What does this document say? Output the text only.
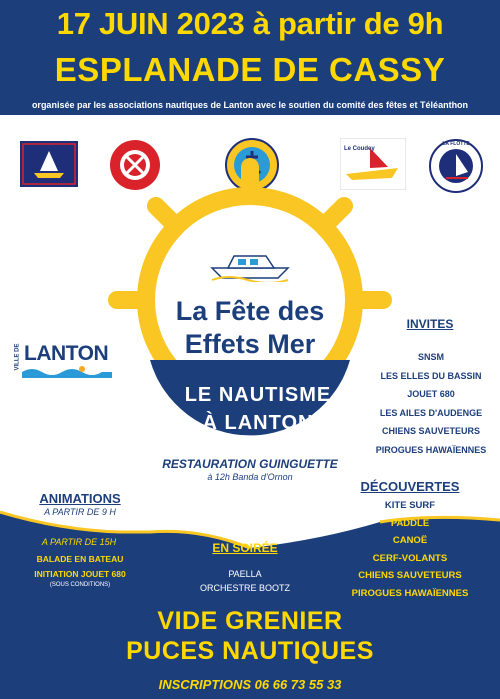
17 JUIN 2023 à partir de 9h
ESPLANADE DE CASSY
organisée par les associations nautiques de Lanton avec le soutien du comité des fêtes et Téléanthon
Le Coudey
LA FLOTTE
VILLE DE LANTON
La Fête des
Effets Mer
LE NAUTISME
À LANTON
INVITES
SNSM
LES ELLES DU BASSIN
JOUET 680
LES AILES D'AUDENGE
CHIENS SAUVETEURS
PIROGUES HAWAÏENNES
RESTAURATION GUINGUETTE
à 12h Banda d'Ornon
ANIMATIONS
A PARTIR DE 9 H
A PARTIR DE 15H
BALADE EN BATEAU
INITIATION JOUET 680
(SOUS CONDITIONS)
EN SOIRÉE
PAELLA
ORCHESTRE BOOTZ
DÉCOUVERTES
KITE SURF
PADDLE
CANOË
CERF-VOLANTS
CHIENS SAUVETEURS
PIROGUES HAWAÏENNES
VIDE GRENIER
PUCES NAUTIQUES
INSCRIPTIONS 06 66 73 55 33
